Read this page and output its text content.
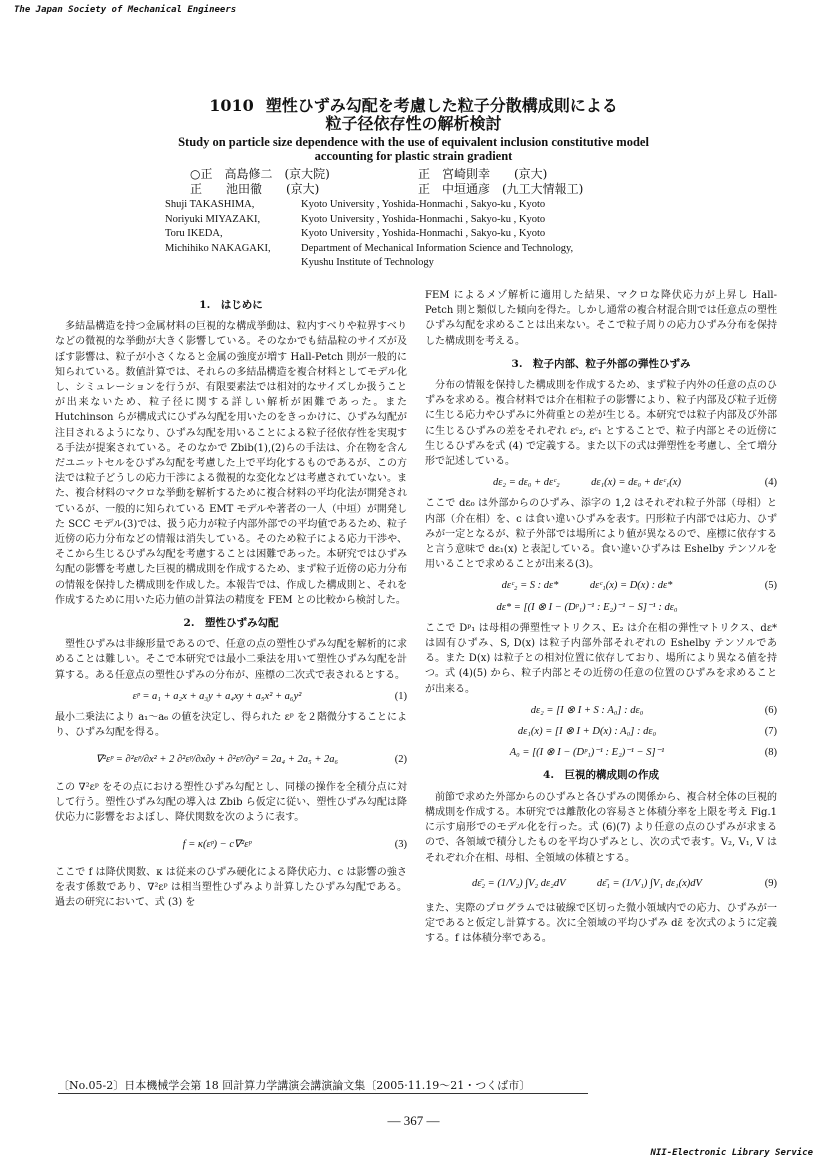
The Japan Society of Mechanical Engineers
NII-Electronic Library Service
1010 塑性ひずみ勾配を考慮した粒子分散構成則による
粒子径依存性の解析検討
Study on particle size dependence with the use of equivalent inclusion constitutive model
accounting for plastic strain gradient
○正　高島修二　(京大院)	正　宮崎則幸　　(京大)
正　　池田徹　　(京大)	正　中垣通彦　(九工大情報工)
Shuji TAKASHIMA,	Kyoto University , Yoshida-Honmachi , Sakyo-ku , Kyoto
Noriyuki MIYAZAKI,	Kyoto University , Yoshida-Honmachi , Sakyo-ku , Kyoto
Toru IKEDA,	Kyoto University , Yoshida-Honmachi , Sakyo-ku , Kyoto
Michihiko NAKAGAKI,	Department of Mechanical Information Science and Technology,
Kyushu Institute of Technology
1.　はじめに

多結晶構造を持つ金属材料の巨視的な構成挙動は、粒内すべりや粒界すべりなどの微視的な挙動が大きく影響している。そのなかでも結晶粒のサイズが及ぼす影響は、粒子が小さくなると金属の強度が増す Hall-Petch 則が一般的に知られている。数値計算では、それらの多結晶構造を複合材料としてモデル化し、シミュレーションを行うが、有限要素法では相対的なサイズしか扱うことが出来ないため、粒子径に関する詳しい解析が困難であった。また Hutchinson らが構成式にひずみ勾配を用いたのをきっかけに、ひずみ勾配が注目されるようになり、ひずみ勾配を用いることによる粒子径依存性を実現する手法が提案されている。そのなかで Zbib(1),(2)らの手法は、介在物を含んだユニットセルをひずみ勾配を考慮した上で平均化するものであるが、この方法では粒子どうしの応力干渉による微視的な変化などは考慮されていない。また、複合材料のマクロな挙動を解析するために複合材料の平均化法が開発されているが、一般的に知られている EMT モデルや著者の一人（中垣）が開発した SCC モデル(3)では、扱う応力が粒子内部外部での平均値であるため、粒子近傍の応力分布などの情報は消失している。そのため粒子による応力干渉や、そこから生じるひずみ勾配を考慮することは困難であった。本研究ではひずみ勾配の影響を考慮した巨視的構成則を作成するため、まず粒子近傍の応力分布の情報を保持した構成則を作成した。本報告では、作成した構成則と、それを作成するために用いた応力値の計算法の精度を FEM との比較から検討した。

2.　塑性ひずみ勾配

塑性ひずみは非線形量であるので、任意の点の塑性ひずみ勾配を解析的に求めることは難しい。そこで本研究では最小二乗法を用いて塑性ひずみ勾配を計算する。ある任意点の塑性ひずみの分布が、座標の二次式で表されるとする。

εᵖ = a₁ + a₂x + a₃y + a₄xy + a₅x² + a₆y²	(1)

最小二乗法により a₁〜a₆ の値を決定し、得られた εᵖ を２階微分することにより、ひずみ勾配を得る。

∇²εᵖ = ∂²εᵖ/∂x² + 2 ∂²εᵖ/∂x∂y + ∂²εᵖ/∂y² = 2a₄ + 2a₅ + 2a₆	(2)

この ∇²εᵖ をその点における塑性ひずみ勾配とし、同様の操作を全積分点に対して行う。塑性ひずみ勾配の導入は Zbib ら仮定に従い、塑性ひずみ勾配は降伏応力に影響をおよぼし、降伏関数を次のように表す。

f = κ(εᵖ) − c∇²εᵖ	(3)

ここで f は降伏関数、κ は従来のひずみ硬化による降伏応力、c は影響の強さを表す係数であり、∇²εᵖ は相当塑性ひずみより計算したひずみ勾配である。過去の研究において、式 (3) を

FEM によるメゾ解析に適用した結果、マクロな降伏応力が上昇し Hall-Petch 則と類似した傾向を得た。しかし通常の複合材混合則では任意点の塑性ひずみ勾配を求めることは出来ない。そこで粒子周りの応力ひずみ分布を保持した構成則を考える。

3.　粒子内部、粒子外部の弾性ひずみ

分布の情報を保持した構成則を作成するため、まず粒子内外の任意の点のひずみを求める。複合材料では介在相粒子の影響により、粒子内部及び粒子近傍に生じる応力やひずみに外荷重との差が生じる。本研究では粒子内部及び外部に生じるひずみの差をそれぞれ εᶜ₂, εᶜ₁ とすることで、粒子内部とその近傍に生じるひずみを式 (4) で定義する。また以下の式は弾塑性を考慮し、全て増分形で記述している。

dε₂ = dε₀ + dεᶜ₂　　　dε₁(x) = dε₀ + dεᶜ₁(x)	(4)

ここで dε₀ は外部からのひずみ、添字の 1,2 はそれぞれ粒子外部（母相）と内部（介在相）を、c は食い違いひずみを表す。円形粒子内部では応力、ひずみが一定となるが、粒子外部では場所により値が異なるので、座標に依存すると言う意味で dε₁(x) と表記している。食い違いひずみは Eshelby テンソルを用いることで求めることが出来る(3)。

dεᶜ₂ = S : dε*　　　dεᶜ₁(x) = D(x) : dε*	(5)
dε* = [(I ⊗ I − (Dᵖ₁)⁻¹ : E₂)⁻¹ − S]⁻¹ : dε₀

ここで Dᵖ₁ は母相の弾塑性マトリクス、E₂ は介在相の弾性マトリクス、dε* は固有ひずみ、S, D(x) は粒子内部外部それぞれの Eshelby テンソルである。また D(x) は粒子との相対位置に依存しており、場所により異なる値を持つ。式 (4)(5) から、粒子内部とその近傍の任意の位置のひずみを求めることが出来る。

dε₂ = [I ⊗ I + S : A₀] : dε₀	(6)
dε₁(x) = [I ⊗ I + D(x) : A₀] : dε₀	(7)
A₀ = [(I ⊗ I − (Dᵖ₁)⁻¹ : E₂)⁻¹ − S]⁻¹	(8)
4.　巨視的構成則の作成

前節で求めた外部からのひずみと各ひずみの関係から、複合材全体の巨視的構成則を作成する。本研究では離散化の容易さと体積分率を上限を考え Fig.1 に示す扇形でのモデル化を行った。式 (6)(7) より任意の点のひずみが求まるので、各領域で積分したものを平均ひずみとし、次の式で表す。V₂, V₁, V はそれぞれ介在相、母相、全領域の体積とする。

dε̄₂ = (1/V₂) ∫V₂ dε₂dV　　　dε̄₁ = (1/V₁) ∫V₁ dε₁(x)dV	(9)

また、実際のプログラムでは破線で区切った微小領域内での応力、ひずみが一定であると仮定し計算する。次に全領域の平均ひずみ dε̄ を次式のように定義する。f は体積分率である。

〔No.05-2〕日本機械学会第 18 回計算力学講演会講演論文集〔2005·11.19〜21・つくば市〕
― 367 ―
